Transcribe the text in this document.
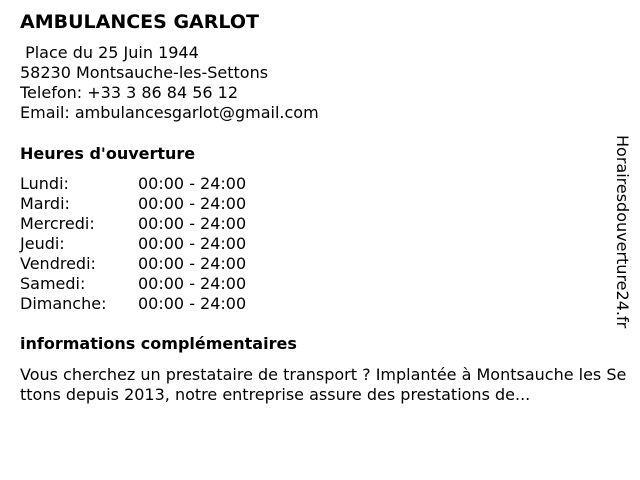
AMBULANCES GARLOT
Place du 25 Juin 1944
58230 Montsauche-les-Settons
Telefon: +33 3 86 84 56 12
Email: ambulancesgarlot@gmail.com
Heures d'ouverture
Lundi:	00:00 - 24:00
Mardi:	00:00 - 24:00
Mercredi:	00:00 - 24:00
Jeudi:	00:00 - 24:00
Vendredi:	00:00 - 24:00
Samedi:	00:00 - 24:00
Dimanche:	00:00 - 24:00
informations complémentaires
Vous cherchez un prestataire de transport ? Implantée à Montsauche les Settons depuis 2013, notre entreprise assure des prestations de...
Horairesdouverture24.fr
